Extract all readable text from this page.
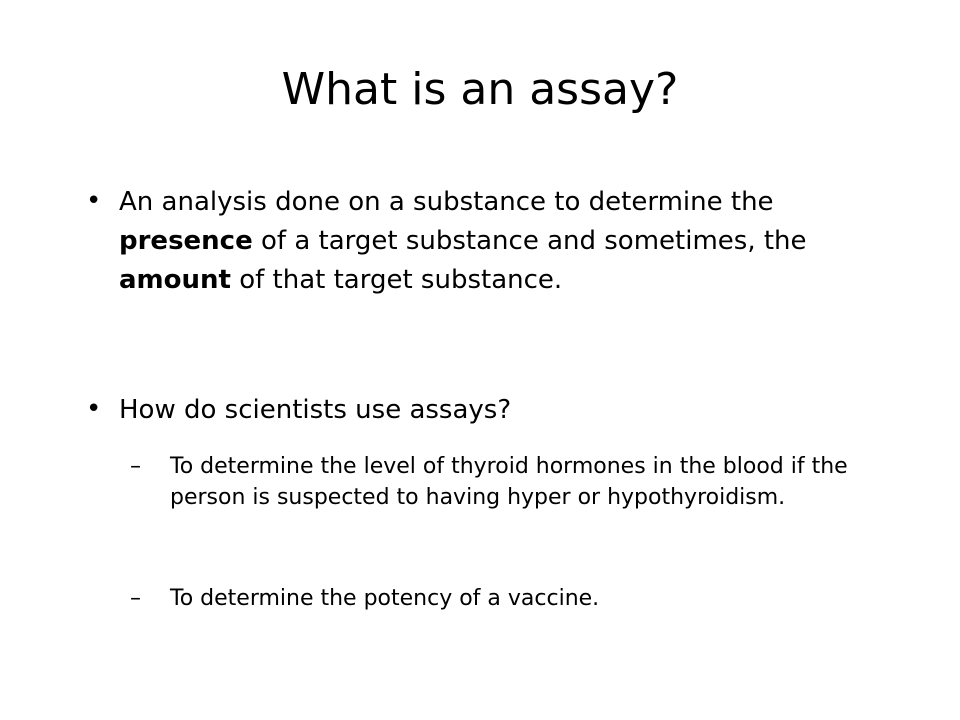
What is an assay?
• An analysis done on a substance to determine the presence of a target substance and sometimes, the amount of that target substance.
• How do scientists use assays?
– To determine the level of thyroid hormones in the blood if the person is suspected to having hyper or hypothyroidism.
– To determine the potency of a vaccine.
